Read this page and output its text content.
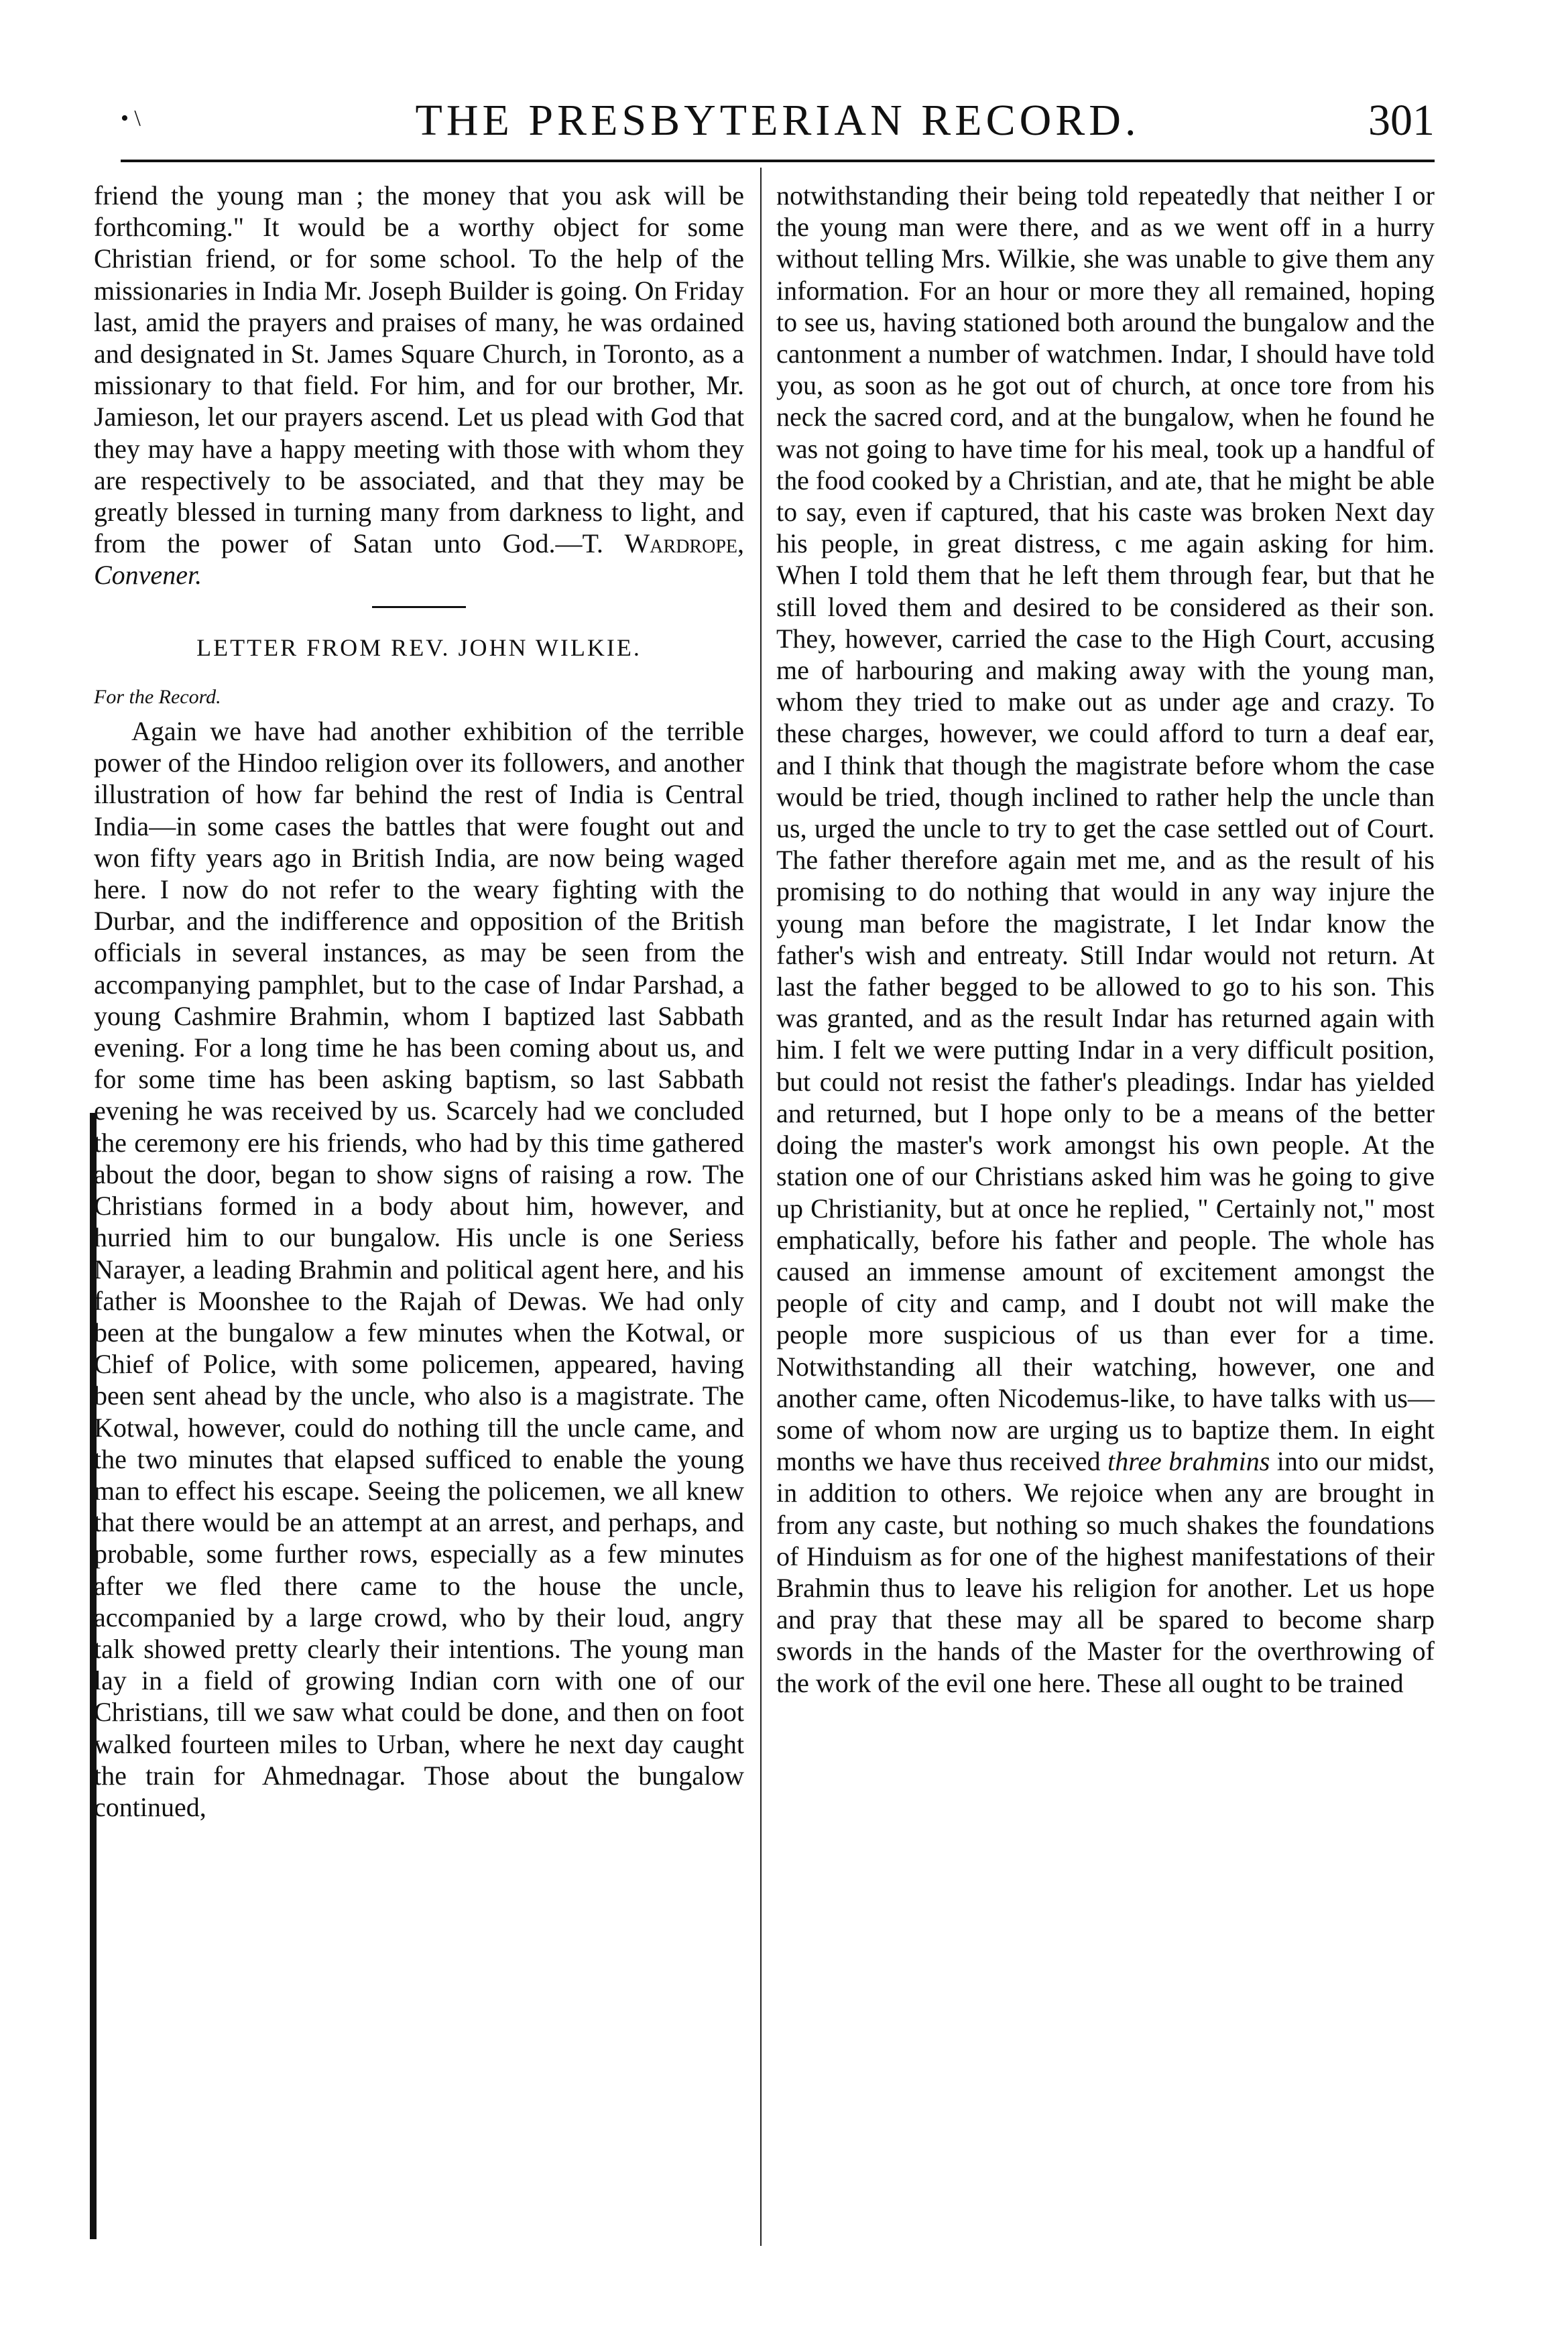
• \	THE PRESBYTERIAN RECORD.	301

friend the young man ; the money that you ask will be forthcoming." It would be a worthy object for some Christian friend, or for some school. To the help of the missionaries in India Mr. Joseph Builder is going. On Friday last, amid the prayers and praises of many, he was ordained and designated in St. James Square Church, in Toronto, as a missionary to that field. For him, and for our brother, Mr. Jamieson, let our prayers ascend. Let us plead with God that they may have a happy meeting with those with whom they are respectively to be associated, and that they may be greatly blessed in turning many from darkness to light, and from the power of Satan unto God.—T. Wardrope, Convener.

LETTER FROM REV. JOHN WILKIE.
For the Record.

Again we have had another exhibition of the terrible power of the Hindoo religion over its followers, and another illustration of how far behind the rest of India is Central India—in some cases the battles that were fought out and won fifty years ago in British India, are now being waged here. I now do not refer to the weary fighting with the Durbar, and the indifference and opposition of the British officials in several instances, as may be seen from the accompanying pamphlet, but to the case of Indar Parshad, a young Cashmire Brahmin, whom I baptized last Sabbath evening. For a long time he has been coming about us, and for some time has been asking baptism, so last Sabbath evening he was received by us. Scarcely had we concluded the ceremony ere his friends, who had by this time gathered about the door, began to show signs of raising a row. The Christians formed in a body about him, however, and hurried him to our bungalow. His uncle is one Seriess Narayer, a leading Brahmin and political agent here, and his father is Moonshee to the Rajah of Dewas. We had only been at the bungalow a few minutes when the Kotwal, or Chief of Police, with some policemen, appeared, having been sent ahead by the uncle, who also is a magistrate. The Kotwal, however, could do nothing till the uncle came, and the two minutes that elapsed sufficed to enable the young man to effect his escape. Seeing the policemen, we all knew that there would be an attempt at an arrest, and perhaps, and probable, some further rows, especially as a few minutes after we fled there came to the house the uncle, accompanied by a large crowd, who by their loud, angry talk showed pretty clearly their intentions. The young man lay in a field of growing Indian corn with one of our Christians, till we saw what could be done, and then on foot walked fourteen miles to Urban, where he next day caught the train for Ahmednagar. Those about the bungalow continued,

notwithstanding their being told repeatedly that neither I or the young man were there, and as we went off in a hurry without telling Mrs. Wilkie, she was unable to give them any information. For an hour or more they all remained, hoping to see us, having stationed both around the bungalow and the cantonment a number of watchmen. Indar, I should have told you, as soon as he got out of church, at once tore from his neck the sacred cord, and at the bungalow, when he found he was not going to have time for his meal, took up a handful of the food cooked by a Christian, and ate, that he might be able to say, even if captured, that his caste was broken Next day his people, in great distress, c me again asking for him. When I told them that he left them through fear, but that he still loved them and desired to be considered as their son. They, however, carried the case to the High Court, accusing me of harbouring and making away with the young man, whom they tried to make out as under age and crazy. To these charges, however, we could afford to turn a deaf ear, and I think that though the magistrate before whom the case would be tried, though inclined to rather help the uncle than us, urged the uncle to try to get the case settled out of Court. The father therefore again met me, and as the result of his promising to do nothing that would in any way injure the young man before the magistrate, I let Indar know the father's wish and entreaty. Still Indar would not return. At last the father begged to be allowed to go to his son. This was granted, and as the result Indar has returned again with him. I felt we were putting Indar in a very difficult position, but could not resist the father's pleadings. Indar has yielded and returned, but I hope only to be a means of the better doing the master's work amongst his own people. At the station one of our Christians asked him was he going to give up Christianity, but at once he replied, " Certainly not," most emphatically, before his father and people. The whole has caused an immense amount of excitement amongst the people of city and camp, and I doubt not will make the people more suspicious of us than ever for a time. Notwithstanding all their watching, however, one and another came, often Nicodemus-like, to have talks with us—some of whom now are urging us to baptize them. In eight months we have thus received three brahmins into our midst, in addition to others. We rejoice when any are brought in from any caste, but nothing so much shakes the foundations of Hinduism as for one of the highest manifestations of their Brahmin thus to leave his religion for another. Let us hope and pray that these may all be spared to become sharp swords in the hands of the Master for the overthrowing of the work of the evil one here. These all ought to be trained
